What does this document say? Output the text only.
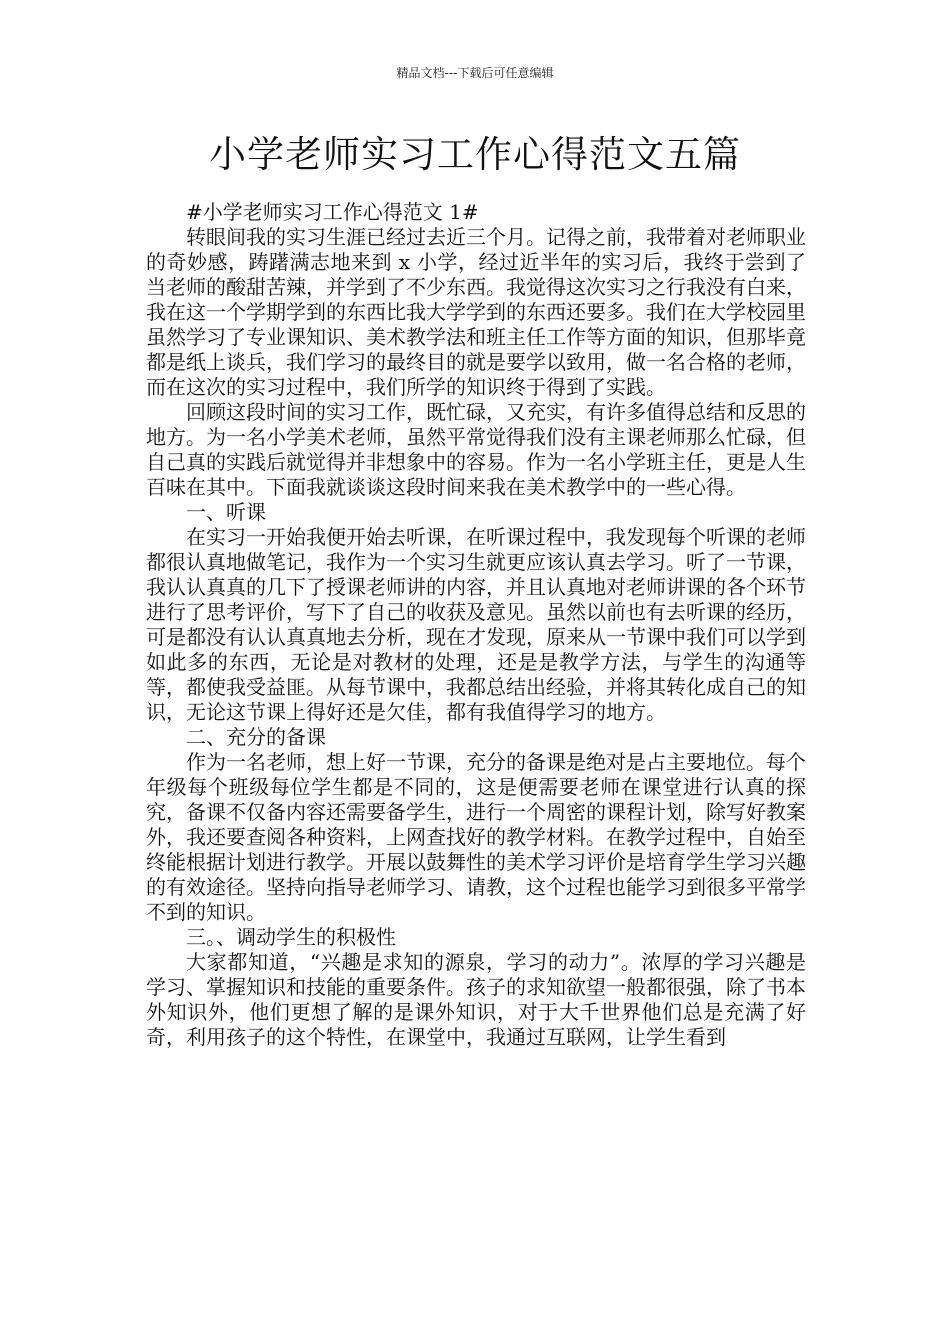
精品文档---下载后可任意编辑
小学老师实习工作心得范文五篇

#小学老师实习工作心得范文 1#

转眼间我的实习生涯已经过去近三个月。记得之前，我带着对老师职业的奇妙感，踌躇满志地来到 x 小学，经过近半年的实习后，我终于尝到了当老师的酸甜苦辣，并学到了不少东西。我觉得这次实习之行我没有白来，我在这一个学期学到的东西比我大学学到的东西还要多。我们在大学校园里虽然学习了专业课知识、美术教学法和班主任工作等方面的知识，但那毕竟都是纸上谈兵，我们学习的最终目的就是要学以致用，做一名合格的老师，而在这次的实习过程中，我们所学的知识终于得到了实践。

回顾这段时间的实习工作，既忙碌，又充实，有许多值得总结和反思的地方。为一名小学美术老师，虽然平常觉得我们没有主课老师那么忙碌，但自己真的实践后就觉得并非想象中的容易。作为一名小学班主任，更是人生百味在其中。下面我就谈谈这段时间来我在美术教学中的一些心得。

一、听课

在实习一开始我便开始去听课，在听课过程中，我发现每个听课的老师都很认真地做笔记，我作为一个实习生就更应该认真去学习。听了一节课，我认认真真的几下了授课老师讲的内容，并且认真地对老师讲课的各个环节进行了思考评价，写下了自己的收获及意见。虽然以前也有去听课的经历，可是都没有认认真真地去分析，现在才发现，原来从一节课中我们可以学到如此多的东西，无论是对教材的处理，还是是教学方法，与学生的沟通等等，都使我受益匪。从每节课中，我都总结出经验，并将其转化成自己的知识，无论这节课上得好还是欠佳，都有我值得学习的地方。

二、充分的备课

作为一名老师，想上好一节课，充分的备课是绝对是占主要地位。每个年级每个班级每位学生都是不同的，这是便需要老师在课堂进行认真的探究，备课不仅备内容还需要备学生，进行一个周密的课程计划，除写好教案外，我还要查阅各种资料，上网查找好的教学材料。在教学过程中，自始至终能根据计划进行教学。开展以鼓舞性的美术学习评价是培育学生学习兴趣的有效途径。坚持向指导老师学习、请教，这个过程也能学习到很多平常学不到的知识。

三。、调动学生的积极性

大家都知道，“兴趣是求知的源泉，学习的动力”。浓厚的学习兴趣是学习、掌握知识和技能的重要条件。孩子的求知欲望一般都很强，除了书本外知识外，他们更想了解的是课外知识，对于大千世界他们总是充满了好奇，利用孩子的这个特性，在课堂中，我通过互联网，让学生看到
